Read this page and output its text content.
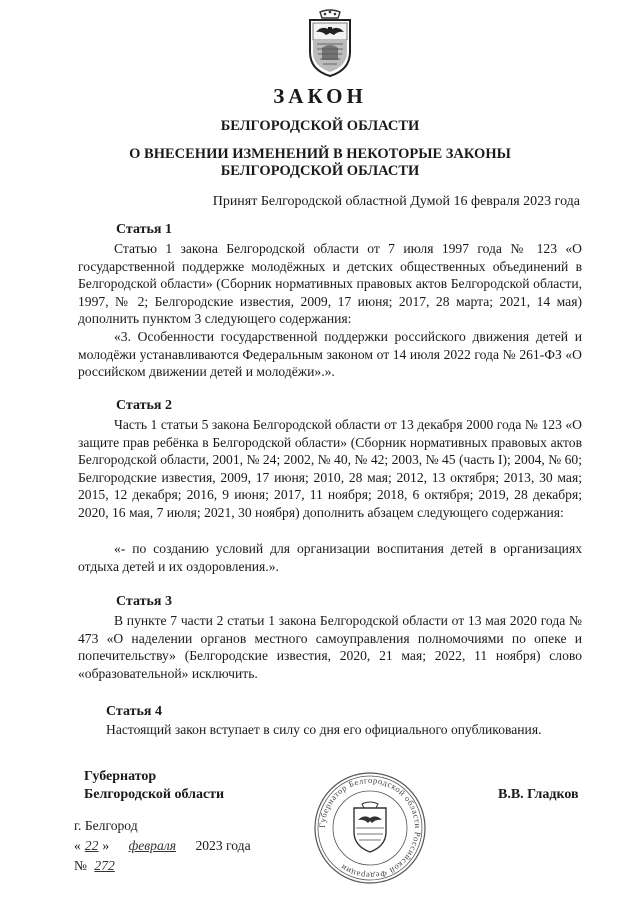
ЗАКОН
БЕЛГОРОДСКОЙ ОБЛАСТИ
О ВНЕСЕНИИ ИЗМЕНЕНИЙ В НЕКОТОРЫЕ ЗАКОНЫ
БЕЛГОРОДСКОЙ ОБЛАСТИ
Принят Белгородской областной Думой 16 февраля 2023 года
Статья 1
Статью 1 закона Белгородской области от 7 июля 1997 года № 123 «О государственной поддержке молодёжных и детских общественных объединений в Белгородской области» (Сборник нормативных правовых актов Белгородской области, 1997, № 2; Белгородские известия, 2009, 17 июня; 2017, 28 марта; 2021, 14 мая) дополнить пунктом 3 следующего содержания:
«3. Особенности государственной поддержки российского движения детей и молодёжи устанавливаются Федеральным законом от 14 июля 2022 года № 261-ФЗ «О российском движении детей и молодёжи».».
Статья 2
Часть 1 статьи 5 закона Белгородской области от 13 декабря 2000 года № 123 «О защите прав ребёнка в Белгородской области» (Сборник нормативных правовых актов Белгородской области, 2001, № 24; 2002, № 40, № 42; 2003, № 45 (часть I); 2004, № 60; Белгородские известия, 2009, 17 июня; 2010, 28 мая; 2012, 13 октября; 2013, 30 мая; 2015, 12 декабря; 2016, 9 июня; 2017, 11 ноября; 2018, 6 октября; 2019, 28 декабря; 2020, 16 мая, 7 июля; 2021, 30 ноября) дополнить абзацем следующего содержания:
«- по созданию условий для организации воспитания детей в организациях отдыха детей и их оздоровления.».
Статья 3
В пункте 7 части 2 статьи 1 закона Белгородской области от 13 мая 2020 года № 473 «О наделении органов местного самоуправления полномочиями по опеке и попечительству» (Белгородские известия, 2020, 21 мая; 2022, 11 ноября) слово «образовательной» исключить.
Статья 4
Настоящий закон вступает в силу со дня его официального опубликования.
Губернатор
Белгородской области	В.В. Гладков
Губернатор Белгородской области Российской Федерации
г. Белгород
« 22 » февраля 2023 года
№ 272
